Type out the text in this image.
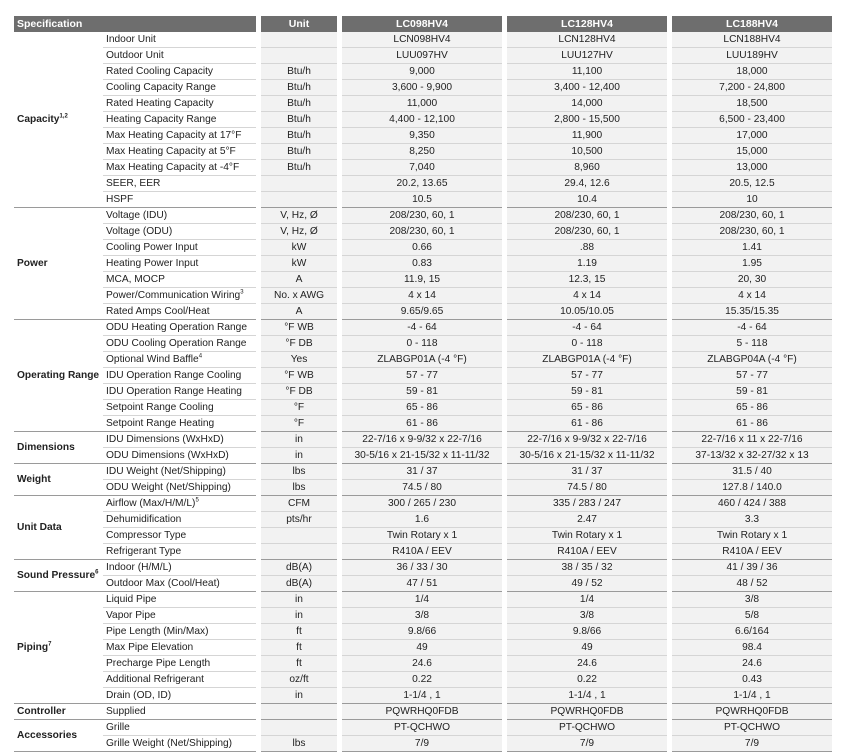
Specification			Unit		LC098HV4		LC128HV4		LC188HV4
Capacity$^{1,2}$	Indoor Unit				LCN098HV4		LCN128HV4		LCN188HV4
	Outdoor Unit				LUU097HV		LUU127HV		LUU189HV
	Rated Cooling Capacity		Btu/h		9,000		11,100		18,000
	Cooling Capacity Range		Btu/h		3,600 - 9,900		3,400 - 12,400		7,200 - 24,800
	Rated Heating Capacity		Btu/h		11,000		14,000		18,500
	Heating Capacity Range		Btu/h		4,400 - 12,100		2,800 - 15,500		6,500 - 23,400
	Max Heating Capacity at 17°F		Btu/h		9,350		11,900		17,000
	Max Heating Capacity at 5°F		Btu/h		8,250		10,500		15,000
	Max Heating Capacity at -4°F		Btu/h		7,040		8,960		13,000
	SEER, EER				20.2, 13.65		29.4, 12.6		20.5, 12.5
	HSPF				10.5		10.4		10
Power	Voltage (IDU)		V, Hz, Ø		208/230, 60, 1		208/230, 60, 1		208/230, 60, 1
	Voltage (ODU)		V, Hz, Ø		208/230, 60, 1		208/230, 60, 1		208/230, 60, 1
	Cooling Power Input		kW		0.66		.88		1.41
	Heating Power Input		kW		0.83		1.19		1.95
	MCA, MOCP		A		11.9, 15		12.3, 15		20, 30
	Power/Communication Wiring$^3$		No. x AWG		4 x 14		4 x 14		4 x 14
	Rated Amps Cool/Heat		A		9.65/9.65		10.05/10.05		15.35/15.35
Operating Range	ODU Heating Operation Range		°F WB		-4 - 64		-4 - 64		-4 - 64
	ODU Cooling Operation Range		°F DB		0 - 118		0 - 118		5 - 118
	Optional Wind Baffle$^4$		Yes		ZLABGP01A (-4 °F)		ZLABGP01A (-4 °F)		ZLABGP04A (-4 °F)
	IDU Operation Range Cooling		°F WB		57 - 77		57 - 77		57 - 77
	IDU Operation Range Heating		°F DB		59 - 81		59 - 81		59 - 81
	Setpoint Range Cooling		°F		65 - 86		65 - 86		65 - 86
	Setpoint Range Heating		°F		61 - 86		61 - 86		61 - 86
Dimensions	IDU Dimensions (WxHxD)		in		22-7/16 x 9-9/32 x 22-7/16		22-7/16 x 9-9/32 x 22-7/16		22-7/16 x 11 x 22-7/16
	ODU Dimensions (WxHxD)		in		30-5/16 x 21-15/32 x 11-11/32		30-5/16 x 21-15/32 x 11-11/32		37-13/32 x 32-27/32 x 13
Weight	IDU Weight (Net/Shipping)		lbs		31 / 37		31 / 37		31.5 / 40
	ODU Weight (Net/Shipping)		lbs		74.5 / 80		74.5 / 80		127.8 / 140.0
Unit Data	Airflow $(Max/H/M/L)^5$		CFM		300 / 265 / 230		335 / 283 / 247		460 / 424 / 388
	Dehumidification		pts/hr		1.6		2.47		3.3
	Compressor Type				Twin Rotary x 1		Twin Rotary x 1		Twin Rotary x 1
	Refrigerant Type				R410A / EEV		R410A / EEV		R410A / EEV
Sound Pressure$^6$	Indoor (H/M/L)		dB(A)		36 / 33 / 30		38 / 35 / 32		41 / 39 / 36
	Outdoor Max (Cool/Heat)		dB(A)		47 / 51		49 / 52		48 / 52
Piping$^7$	Liquid Pipe		in		1/4		1/4		3/8
	Vapor Pipe		in		3/8		3/8		5/8
	Pipe Length (Min/Max)		ft		9.8/66		9.8/66		6.6/164
	Max Pipe Elevation		ft		49		49		98.4
	Precharge Pipe Length		ft		24.6		24.6		24.6
	Additional Refrigerant		oz/ft		0.22		0.22		0.43
	Drain (OD, ID)		in		1-1/4 , 1		1-1/4 , 1		1-1/4 , 1
Controller	Supplied				PQWRHQ0FDB		PQWRHQ0FDB		PQWRHQ0FDB
Accessories	Grille				PT-QCHWO		PT-QCHWO		PT-QCHWO
	Grille Weight (Net/Shipping)		lbs		7/9		7/9		7/9
